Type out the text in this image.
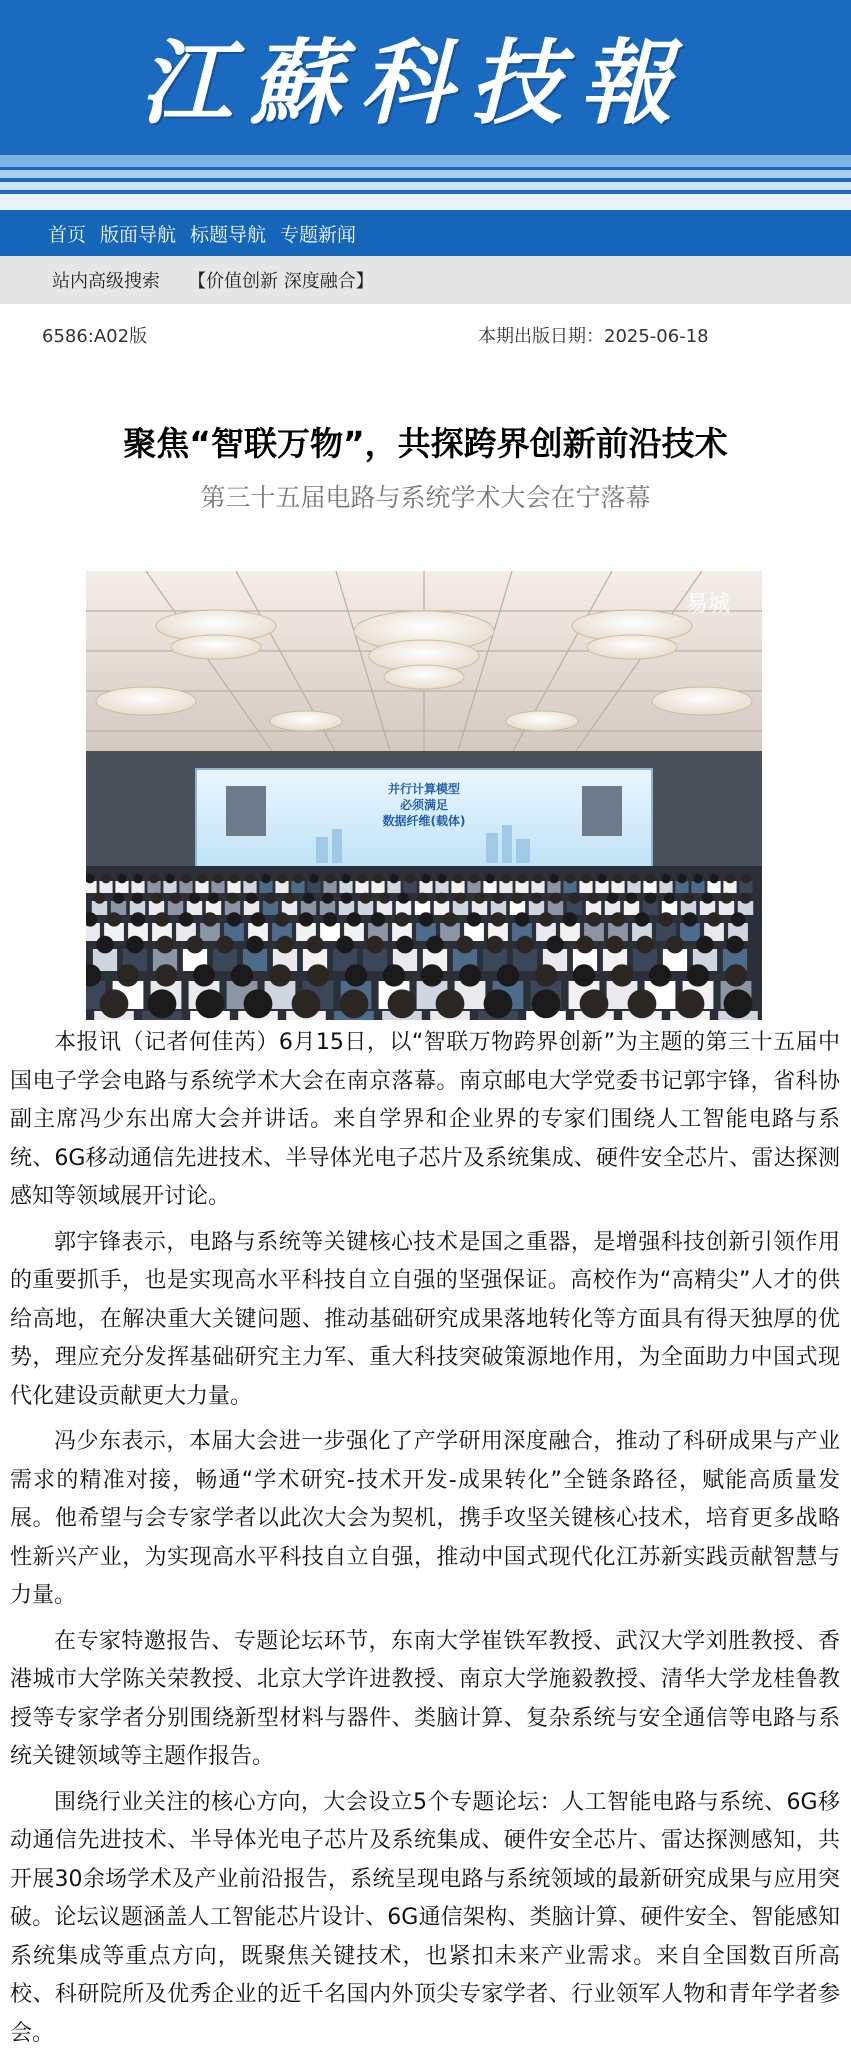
江蘇科技報
首页 版面导航 标题导航 专题新闻
站内高级搜索 【价值创新 深度融合】
6586:A02版	本期出版日期：2025-06-18
聚焦“智联万物”，共探跨界创新前沿技术
第三十五届电路与系统学术大会在宁落幕
并行计算模型
必须满足
数据纤维(载体)
易城

本报讯（记者何佳芮）6月15日，以“智联万物跨界创新”为主题的第三十五届中国电子学会电路与系统学术大会在南京落幕。南京邮电大学党委书记郭宇锋，省科协副主席冯少东出席大会并讲话。来自学界和企业界的专家们围绕人工智能电路与系统、6G移动通信先进技术、半导体光电子芯片及系统集成、硬件安全芯片、雷达探测感知等领域展开讨论。

郭宇锋表示，电路与系统等关键核心技术是国之重器，是增强科技创新引领作用的重要抓手，也是实现高水平科技自立自强的坚强保证。高校作为“高精尖”人才的供给高地，在解决重大关键问题、推动基础研究成果落地转化等方面具有得天独厚的优势，理应充分发挥基础研究主力军、重大科技突破策源地作用，为全面助力中国式现代化建设贡献更大力量。

冯少东表示，本届大会进一步强化了产学研用深度融合，推动了科研成果与产业需求的精准对接，畅通“学术研究-技术开发-成果转化”全链条路径，赋能高质量发展。他希望与会专家学者以此次大会为契机，携手攻坚关键核心技术，培育更多战略性新兴产业，为实现高水平科技自立自强，推动中国式现代化江苏新实践贡献智慧与力量。

在专家特邀报告、专题论坛环节，东南大学崔铁军教授、武汉大学刘胜教授、香港城市大学陈关荣教授、北京大学许进教授、南京大学施毅教授、清华大学龙桂鲁教授等专家学者分别围绕新型材料与器件、类脑计算、复杂系统与安全通信等电路与系统关键领域等主题作报告。

围绕行业关注的核心方向，大会设立5个专题论坛：人工智能电路与系统、6G移动通信先进技术、半导体光电子芯片及系统集成、硬件安全芯片、雷达探测感知，共开展30余场学术及产业前沿报告，系统呈现电路与系统领域的最新研究成果与应用突破。论坛议题涵盖人工智能芯片设计、6G通信架构、类脑计算、硬件安全、智能感知系统集成等重点方向，既聚焦关键技术，也紧扣未来产业需求。来自全国数百所高校、科研院所及优秀企业的近千名国内外顶尖专家学者、行业领军人物和青年学者参会。
